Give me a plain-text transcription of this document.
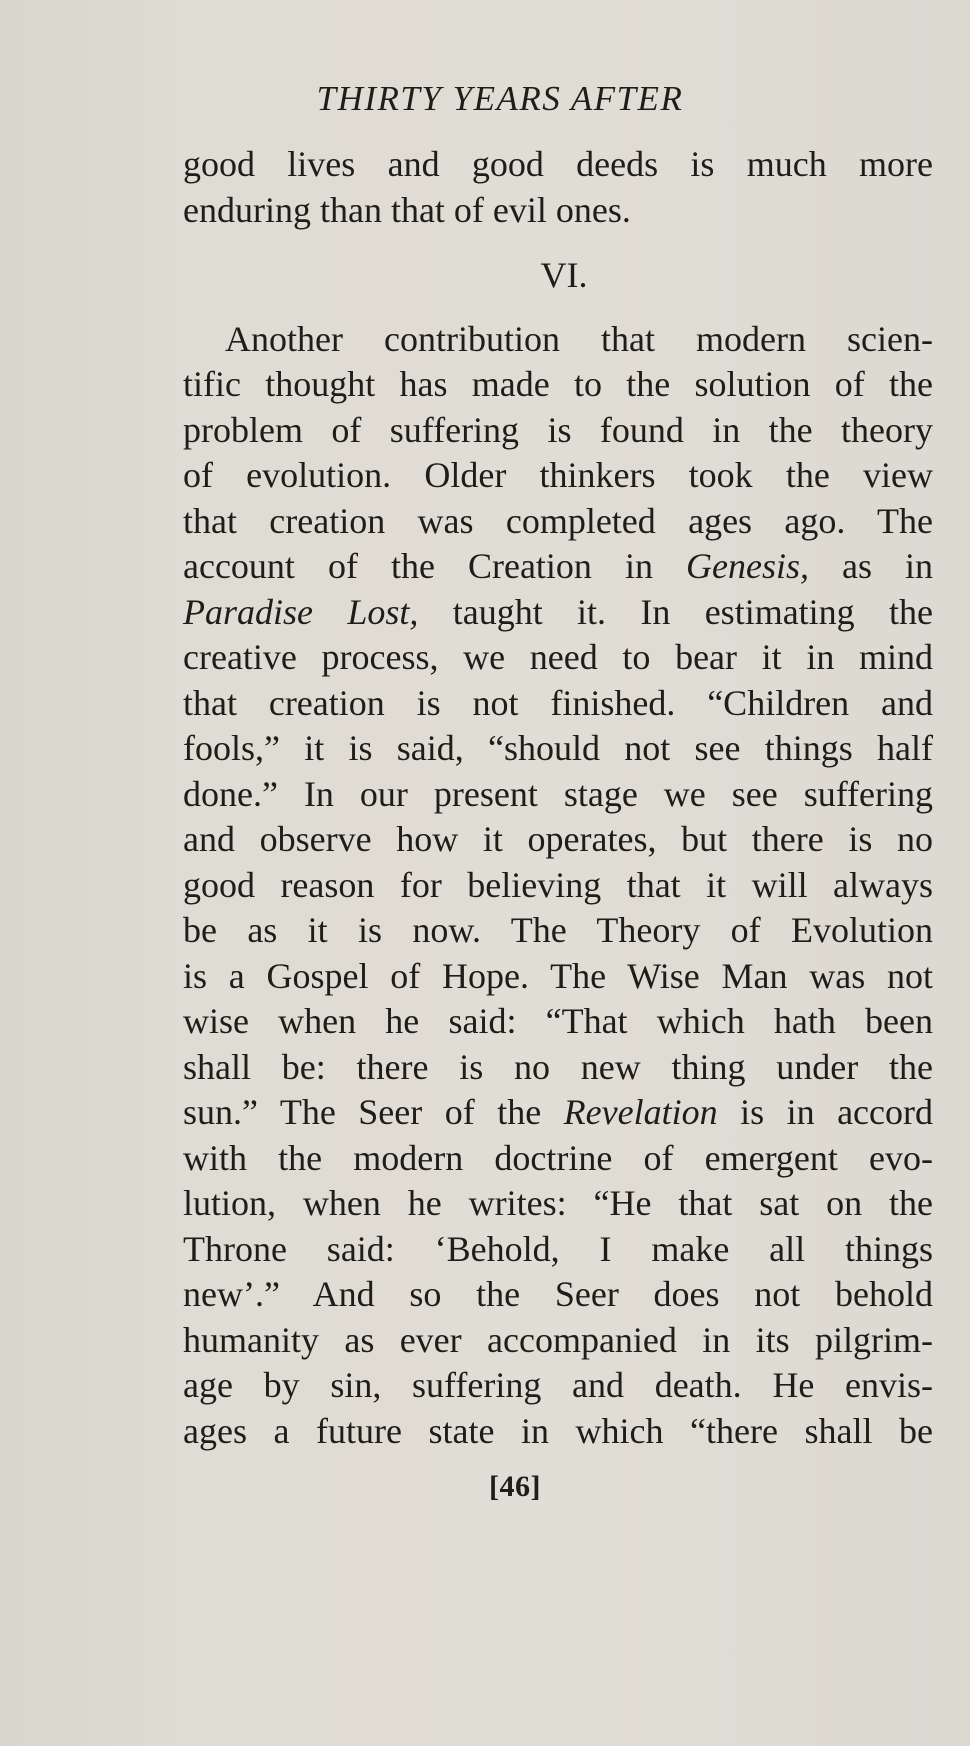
THIRTY YEARS AFTER
good lives and good deeds is much more
enduring than that of evil ones.
VI.
Another contribution that modern scien-
tific thought has made to the solution of the
problem of suffering is found in the theory
of evolution. Older thinkers took the view
that creation was completed ages ago. The
account of the Creation in Genesis, as in
Paradise Lost, taught it. In estimating the
creative process, we need to bear it in mind
that creation is not finished. “Children and
fools,” it is said, “should not see things half
done.” In our present stage we see suffering
and observe how it operates, but there is no
good reason for believing that it will always
be as it is now. The Theory of Evolution
is a Gospel of Hope. The Wise Man was not
wise when he said: “That which hath been
shall be: there is no new thing under the
sun.” The Seer of the Revelation is in accord
with the modern doctrine of emergent evo-
lution, when he writes: “He that sat on the
Throne said: ‘Behold, I make all things
new’.” And so the Seer does not behold
humanity as ever accompanied in its pilgrim-
age by sin, suffering and death. He envis-
ages a future state in which “there shall be
[46]
